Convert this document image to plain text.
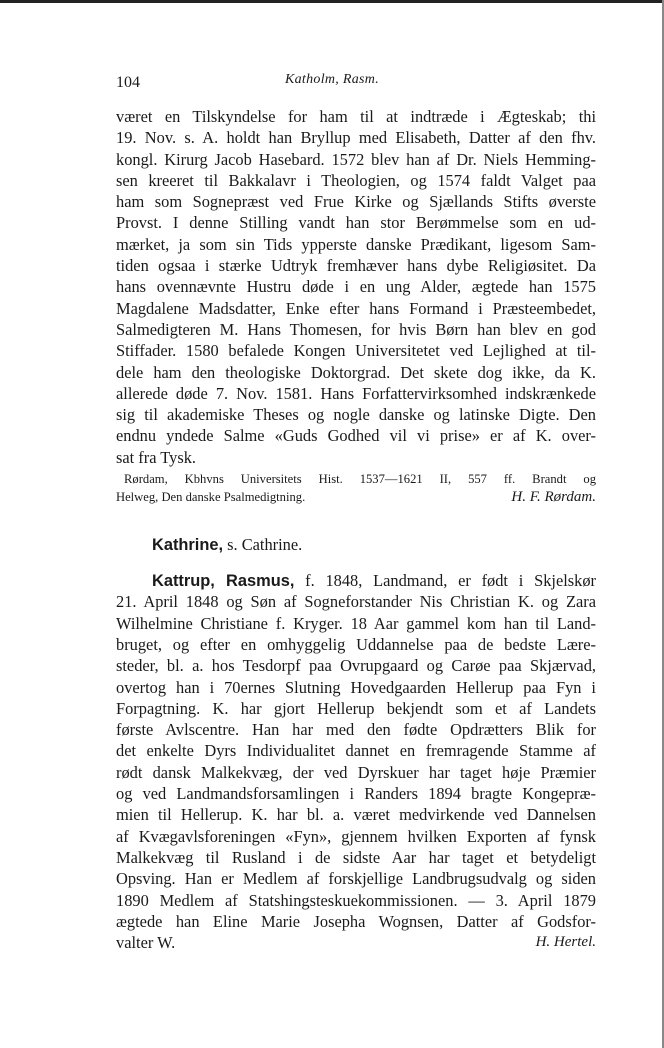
104	Katholm, Rasm.
været en Tilskyndelse for ham til at indtræde i Ægteskab; thi
19. Nov. s. A. holdt han Bryllup med Elisabeth, Datter af den fhv.
kongl. Kirurg Jacob Hasebard. 1572 blev han af Dr. Niels Hemming-
sen kreeret til Bakkalavr i Theologien, og 1574 faldt Valget paa
ham som Sognepræst ved Frue Kirke og Sjællands Stifts øverste
Provst. I denne Stilling vandt han stor Berømmelse som en ud-
mærket, ja som sin Tids ypperste danske Prædikant, ligesom Sam-
tiden ogsaa i stærke Udtryk fremhæver hans dybe Religiøsitet. Da
hans ovennævnte Hustru døde i en ung Alder, ægtede han 1575
Magdalene Madsdatter, Enke efter hans Formand i Præsteembedet,
Salmedigteren M. Hans Thomesen, for hvis Børn han blev en god
Stiffader. 1580 befalede Kongen Universitetet ved Lejlighed at til-
dele ham den theologiske Doktorgrad. Det skete dog ikke, da K.
allerede døde 7. Nov. 1581. Hans Forfattervirksomhed indskrænkede
sig til akademiske Theses og nogle danske og latinske Digte. Den
endnu yndede Salme «Guds Godhed vil vi prise» er af K. over-
sat fra Tysk.
Rørdam, Kbhvns Universitets Hist. 1537—1621 II, 557 ff. Brandt og
Helweg, Den danske Psalmedigtning.	H. F. Rørdam.
Kathrine, s. Cathrine.
Kattrup, Rasmus, f. 1848, Landmand, er født i Skjelskør
21. April 1848 og Søn af Sogneforstander Nis Christian K. og Zara
Wilhelmine Christiane f. Kryger. 18 Aar gammel kom han til Land-
bruget, og efter en omhyggelig Uddannelse paa de bedste Lære-
steder, bl. a. hos Tesdorpf paa Ovrupgaard og Carøe paa Skjærvad,
overtog han i 70ernes Slutning Hovedgaarden Hellerup paa Fyn i
Forpagtning. K. har gjort Hellerup bekjendt som et af Landets
første Avlscentre. Han har med den fødte Opdrætters Blik for
det enkelte Dyrs Individualitet dannet en fremragende Stamme af
rødt dansk Malkekvæg, der ved Dyrskuer har taget høje Præmier
og ved Landmandsforsamlingen i Randers 1894 bragte Kongepræ-
mien til Hellerup. K. har bl. a. været medvirkende ved Dannelsen
af Kvægavlsforeningen «Fyn», gjennem hvilken Exporten af fynsk
Malkekvæg til Rusland i de sidste Aar har taget et betydeligt
Opsving. Han er Medlem af forskjellige Landbrugsudvalg og siden
1890 Medlem af Statshingsteskuekommissionen. — 3. April 1879
ægtede han Eline Marie Josepha Wognsen, Datter af Godsfor-
valter W.	H. Hertel.
